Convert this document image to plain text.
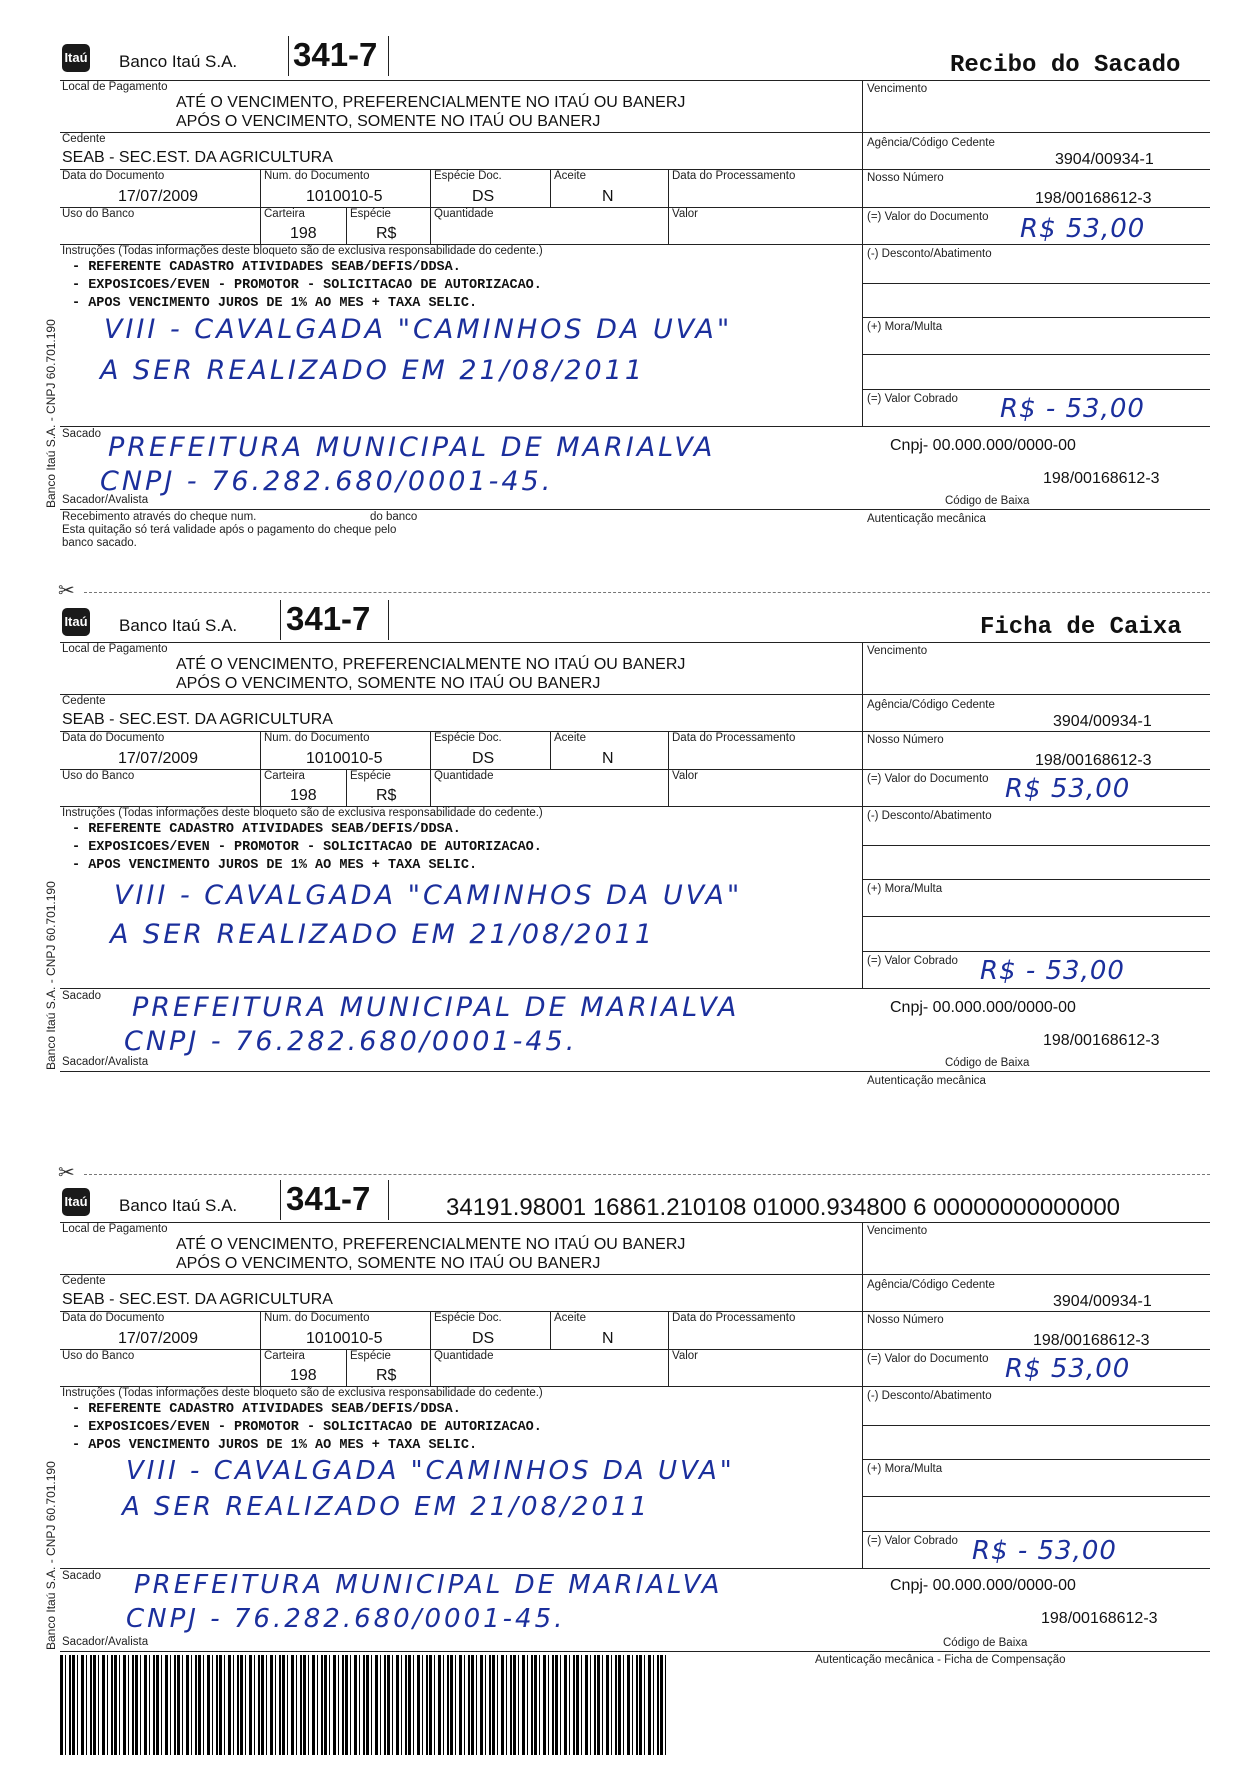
Itaú Banco Itaú S.A. 341-7	Recibo do Sacado
Local de Pagamento
ATÉ O VENCIMENTO, PREFERENCIALMENTE NO ITAÚ OU BANERJ
APÓS O VENCIMENTO, SOMENTE NO ITAÚ OU BANERJ
Vencimento
Cedente
SEAB - SEC.EST. DA AGRICULTURA
Agência/Código Cedente
3904/00934-1
Data do Documento
17/07/2009
Num. do Documento
1010010-5
Espécie Doc.
DS
Aceite
N
Data do Processamento	Nosso Número
198/00168612-3
Uso do Banco	Carteira
198
Espécie
R$
Quantidade	Valor	(=) Valor do Documento R$ 53,00
Instruções (Todas informações deste bloqueto são de exclusiva responsabilidade do cedente.)
- REFERENTE CADASTRO ATIVIDADES SEAB/DEFIS/DDSA.
- EXPOSICOES/EVEN - PROMOTOR - SOLICITACAO DE AUTORIZACAO.
- APOS VENCIMENTO JUROS DE 1% AO MES + TAXA SELIC.
VIII - CAVALGADA "CAMINHOS DA UVA"
A SER REALIZADO EM 21/08/2011
(-) Desconto/Abatimento
(+) Mora/Multa
(=) Valor Cobrado R$ - 53,00
Banco Itaú S.A. - CNPJ 60.701.190 Sacado PREFEITURA MUNICIPAL DE MARIALVA
CNPJ - 76.282.680/0001-45.
Cnpj- 00.000.000/0000-00
198/00168612-3
Sacador/Avalista	Código de Baixa
Recebimento através do cheque num.	do banco
Esta quitação só terá validade após o pagamento do cheque pelo
banco sacado.
Autenticação mecânica
✂
Itaú Banco Itaú S.A. 341-7	Ficha de Caixa
Local de Pagamento
ATÉ O VENCIMENTO, PREFERENCIALMENTE NO ITAÚ OU BANERJ
APÓS O VENCIMENTO, SOMENTE NO ITAÚ OU BANERJ
Vencimento
Cedente
SEAB - SEC.EST. DA AGRICULTURA
Agência/Código Cedente
3904/00934-1
Data do Documento
17/07/2009
Num. do Documento
1010010-5
Espécie Doc.
DS
Aceite
N
Data do Processamento	Nosso Número
198/00168612-3
Uso do Banco	Carteira
198
Espécie
R$
Quantidade	Valor	(=) Valor do Documento R$ 53,00
Instruções (Todas informações deste bloqueto são de exclusiva responsabilidade do cedente.)
- REFERENTE CADASTRO ATIVIDADES SEAB/DEFIS/DDSA.
- EXPOSICOES/EVEN - PROMOTOR - SOLICITACAO DE AUTORIZACAO.
- APOS VENCIMENTO JUROS DE 1% AO MES + TAXA SELIC.
VIII - CAVALGADA "CAMINHOS DA UVA"
A SER REALIZADO EM 21/08/2011
(-) Desconto/Abatimento
(+) Mora/Multa
(=) Valor Cobrado R$ - 53,00
Banco Itaú S.A. - CNPJ 60.701.190 Sacado PREFEITURA MUNICIPAL DE MARIALVA
CNPJ - 76.282.680/0001-45.
Cnpj- 00.000.000/0000-00
198/00168612-3
Sacador/Avalista	Código de Baixa
Autenticação mecânica
✂
Itaú Banco Itaú S.A. 341-7	34191.98001 16861.210108 01000.934800 6 00000000000000
Local de Pagamento
ATÉ O VENCIMENTO, PREFERENCIALMENTE NO ITAÚ OU BANERJ
APÓS O VENCIMENTO, SOMENTE NO ITAÚ OU BANERJ
Vencimento
Cedente
SEAB - SEC.EST. DA AGRICULTURA
Agência/Código Cedente
3904/00934-1
Data do Documento
17/07/2009
Num. do Documento
1010010-5
Espécie Doc.
DS
Aceite
N
Data do Processamento	Nosso Número
198/00168612-3
Uso do Banco	Carteira
198
Espécie
R$
Quantidade	Valor	(=) Valor do Documento R$ 53,00
Instruções (Todas informações deste bloqueto são de exclusiva responsabilidade do cedente.)
- REFERENTE CADASTRO ATIVIDADES SEAB/DEFIS/DDSA.
- EXPOSICOES/EVEN - PROMOTOR - SOLICITACAO DE AUTORIZACAO.
- APOS VENCIMENTO JUROS DE 1% AO MES + TAXA SELIC.
VIII - CAVALGADA "CAMINHOS DA UVA"
A SER REALIZADO EM 21/08/2011
(-) Desconto/Abatimento
(+) Mora/Multa
(=) Valor Cobrado R$ - 53,00
Banco Itaú S.A. - CNPJ 60.701.190 Sacado PREFEITURA MUNICIPAL DE MARIALVA
CNPJ - 76.282.680/0001-45.
Cnpj- 00.000.000/0000-00
198/00168612-3
Sacador/Avalista	Código de Baixa
Autenticação mecânica - Ficha de Compensação
